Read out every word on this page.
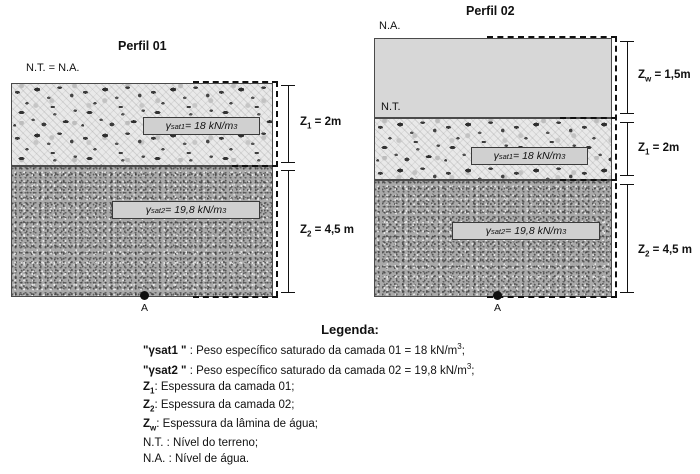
Perfil 01
N.T. = N.A.
γ sat1 = 18 kN/m 3
γ sat2 = 19,8 kN/m 3
$Z_1 = 2m$
$Z_2 = 4,5$ m
A
Perfil 02
N.A.
N.T.
γ sat1 = 18 kN/m 3
γ sat2 = 19,8 kN/m 3
$Z_w = 1,5m$
$Z_1 = 2m$
$Z_2 = 4,5$ m
A
Legenda:
"γsat1 " : Peso específico saturado da camada 01 = 18 $kN/m^3$;
"γsat2 " : Peso específico saturado da camada 02 = 19,8 $kN/m^3$;
$Z_1$: Espessura da camada 01;
$Z_2$: Espessura da camada 02;
$Z_w$: Espessura da lâmina de água;
N.T. : Nível do terreno;
N.A. : Nível de água.
